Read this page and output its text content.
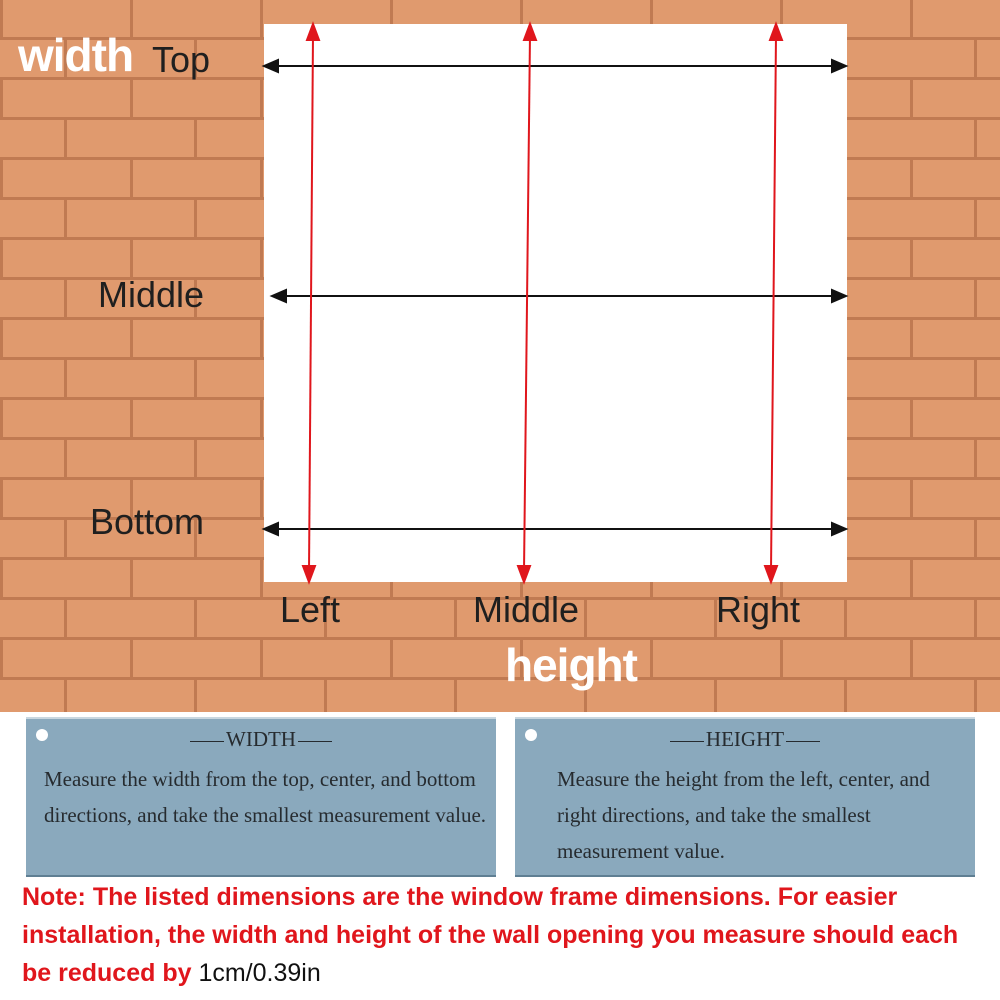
width Top
Middle
Bottom
Left	Middle	Right
height
WIDTH
Measure the width from the top, center, and bottom directions, and take the smallest measurement value.
HEIGHT
Measure the height from the left, center, and right directions, and take the smallest measurement value.
Note: The listed dimensions are the window frame dimensions. For easier installation, the width and height of the wall opening you measure should each be reduced by 1cm/0.39in
